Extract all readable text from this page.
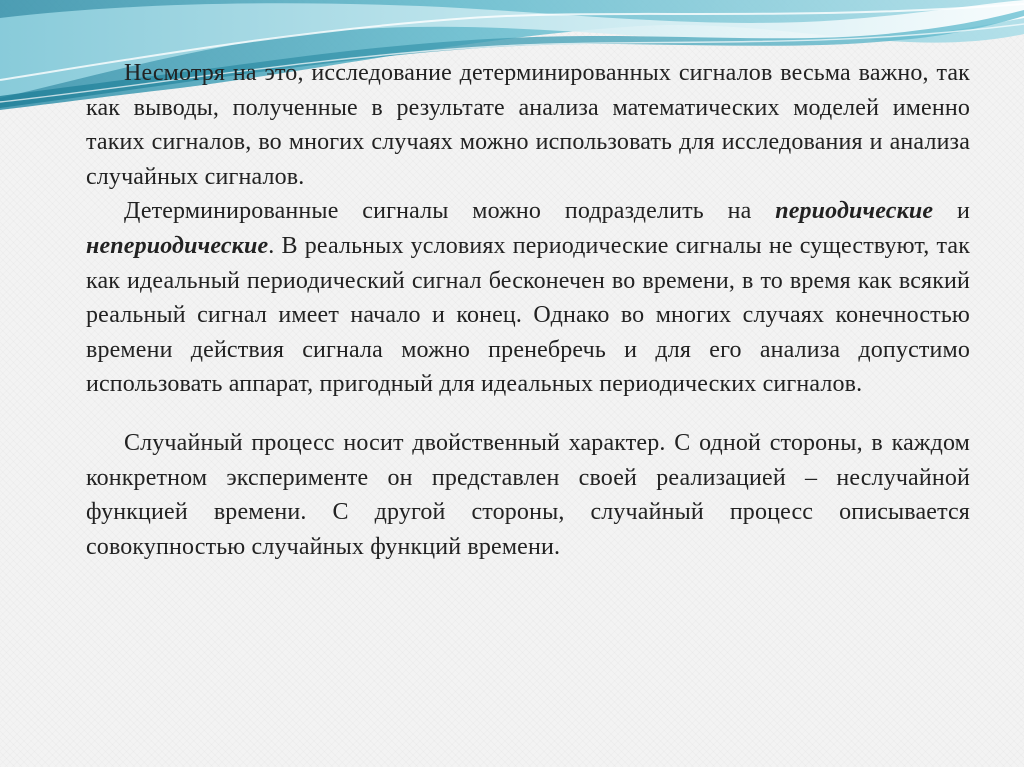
Несмотря на это, исследование детерминированных сигналов весьма важно, так как выводы, полученные в результате анализа математических моделей именно таких сигналов, во многих случаях можно использовать для исследования и анализа случайных сигналов.

Детерминированные сигналы можно подразделить на периодические и непериодические. В реальных условиях периодические сигналы не существуют, так как идеальный периодический сигнал бесконечен во времени, в то время как всякий реальный сигнал имеет начало и конец. Однако во многих случаях конечностью времени действия сигнала можно пренебречь и для его анализа допустимо использовать аппарат, пригодный для идеальных периодических сигналов.

Случайный процесс носит двойственный характер. С одной стороны, в каждом конкретном эксперименте он представлен своей реализацией – неслучайной функцией времени. С другой стороны, случайный процесс описывается совокупностью случайных функций времени.
